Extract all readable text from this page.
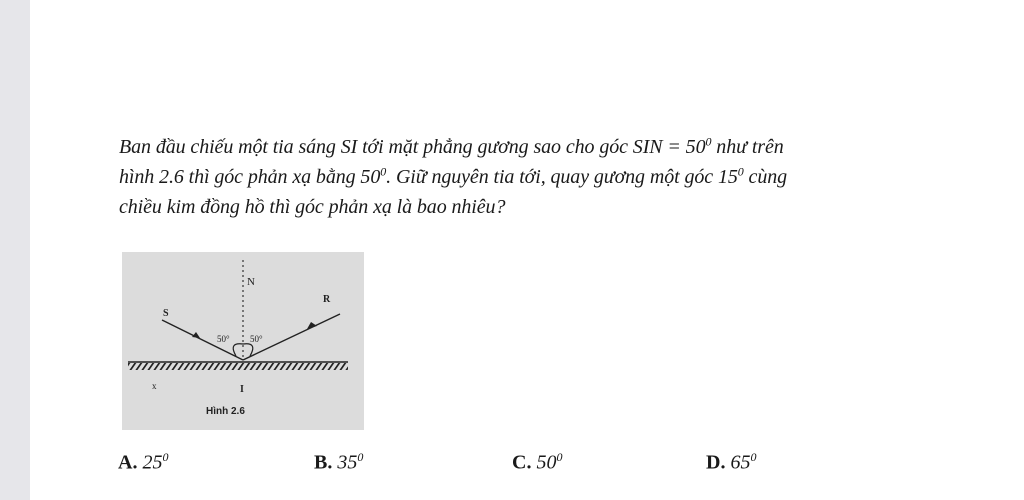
Ban đầu chiếu một tia sáng SI tới mặt phẳng gương sao cho góc SIN = $50^0$ như trên
hình 2.6 thì góc phản xạ bằng $50^0$. Giữ nguyên tia tới, quay gương một góc $15^0$ cùng
chiều kim đồng hồ thì góc phản xạ là bao nhiêu?
N
S
R
50° 50°
I
x
Hình 2.6
A. $25^0$	B. $35^0$	C. $50^0$	D. $65^0$
